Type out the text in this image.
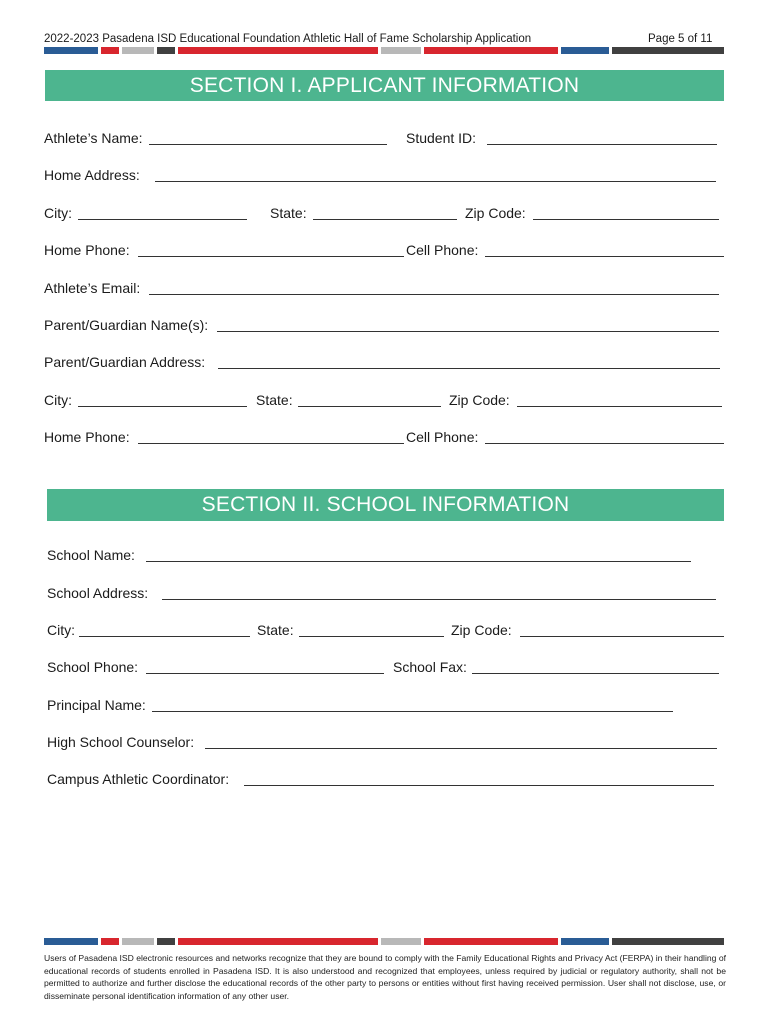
2022-2023 Pasadena ISD Educational Foundation Athletic Hall of Fame Scholarship Application	Page 5 of 11
SECTION I. APPLICANT INFORMATION
Athlete’s Name:	Student ID:
Home Address:
City:	State:	Zip Code:
Home Phone:	Cell Phone:
Athlete’s Email:
Parent/Guardian Name(s):
Parent/Guardian Address:
City:	State:	Zip Code:
Home Phone:	Cell Phone:
SECTION II. SCHOOL INFORMATION
School Name:
School Address:
City:	State:	Zip Code:
School Phone:	School Fax:
Principal Name:
High School Counselor:
Campus Athletic Coordinator:
Users of Pasadena ISD electronic resources and networks recognize that they are bound to comply with the Family Educational Rights and Privacy Act (FERPA) in their handling of educational records of students enrolled in Pasadena ISD. It is also understood and recognized that employees, unless required by judicial or regulatory authority, shall not be permitted to authorize and further disclose the educational records of the other party to persons or entities without first having received permission. User shall not disclose, use, or disseminate personal identification information of any other user.
